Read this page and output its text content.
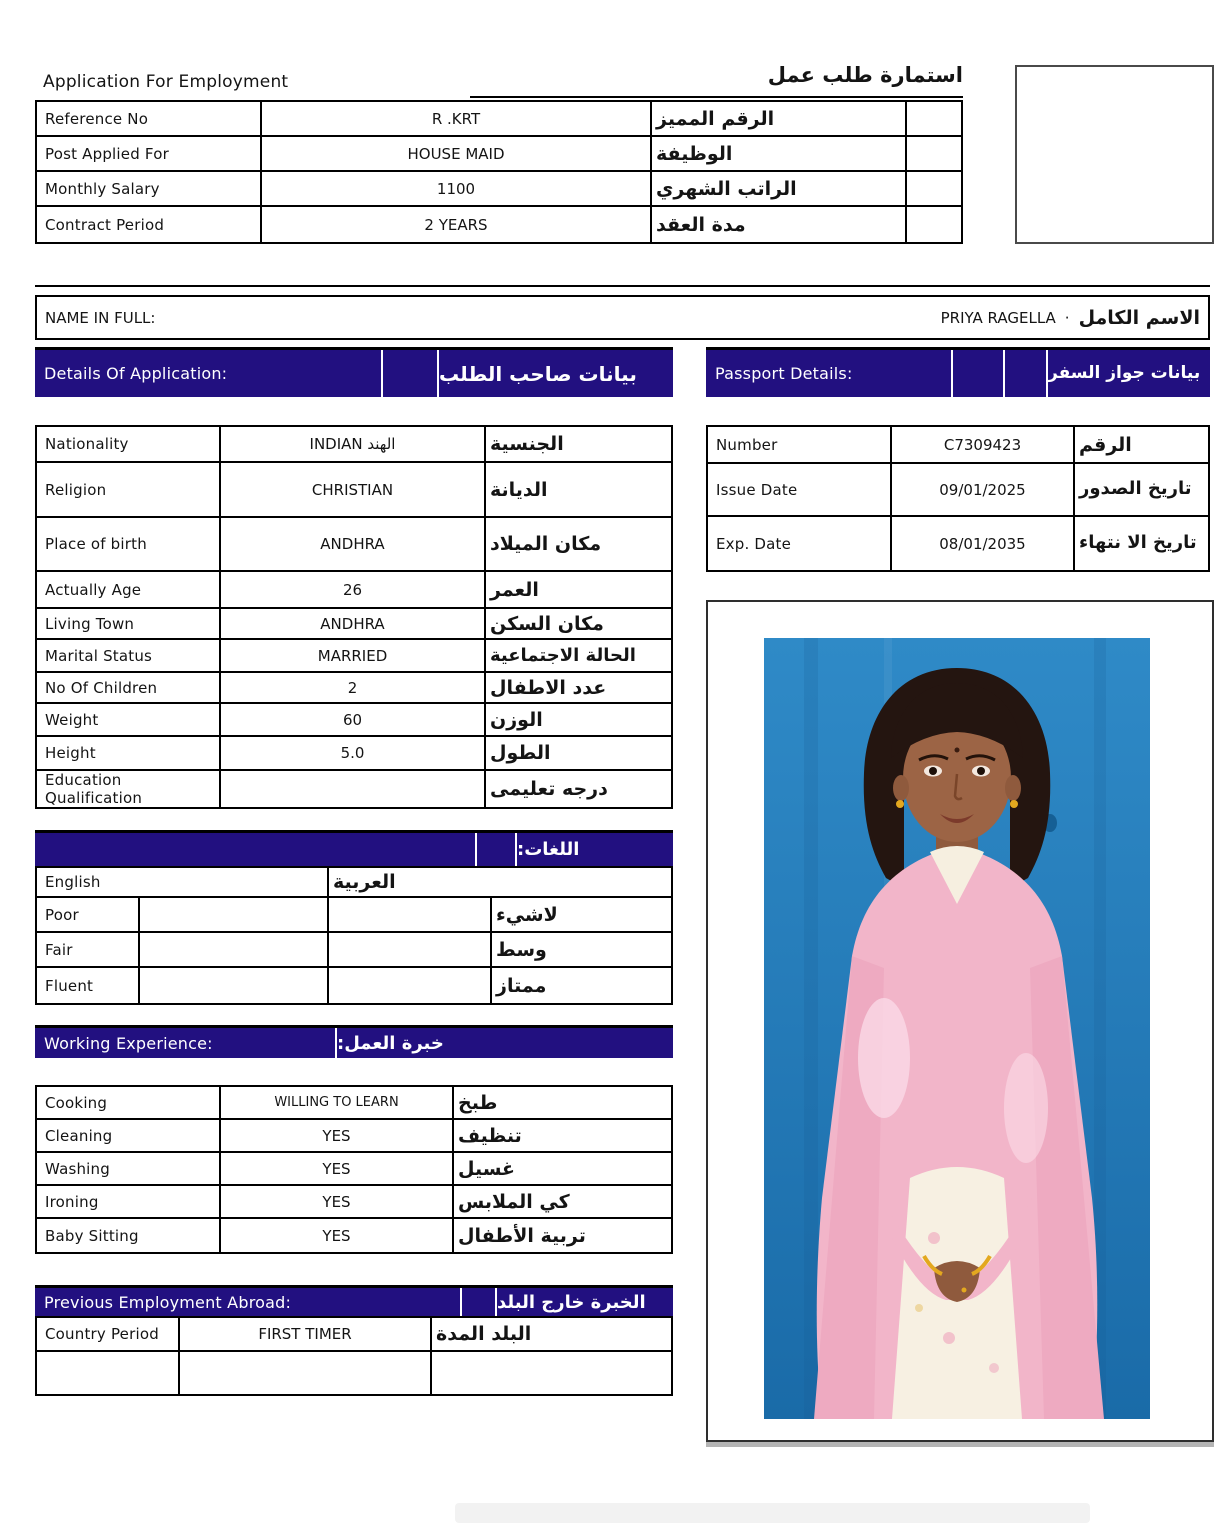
Application For Employment	استمارة طلب عمل
Reference No	R .KRT	الرقم المميز
Post Applied For	HOUSE MAID	الوظيفة
Monthly Salary	1100	الراتب الشهري
Contract Period	2 YEARS	مدة العقد
NAME IN FULL:	PRIYA RAGELLA · الاسم الكامل
Details Of Application:	بيانات صاحب الطلب	Passport Details:	بيانات جواز السفر
Nationality	INDIAN الهند	الجنسية
Religion	CHRISTIAN	الديانة
Place of birth	ANDHRA	مكان الميلاد
Actually Age	26	العمر
Living Town	ANDHRA	مكان السكن
Marital Status	MARRIED	الحالة الاجتماعية
No Of Children	2	عدد الاطفال
Weight	60	الوزن
Height	5.0	الطول
Education Qualification	درجه تعليمى
Number	C7309423	الرقم
Issue Date	09/01/2025	تاريخ الصدور
Exp. Date	08/01/2035	تاريخ الا نتهاء
اللغات:
English	العربية
Poor	لاشيء
Fair	وسط
Fluent	ممتاز
Working Experience:	خبرة العمل:
Cooking	WILLING TO LEARN	طبخ
Cleaning	YES	تنظيف
Washing	YES	غسيل
Ironing	YES	كي الملابس
Baby Sitting	YES	تربية الأطفال
Previous Employment Abroad:	الخبرة خارج البلد
Country Period	FIRST TIMER	البلد المدة
